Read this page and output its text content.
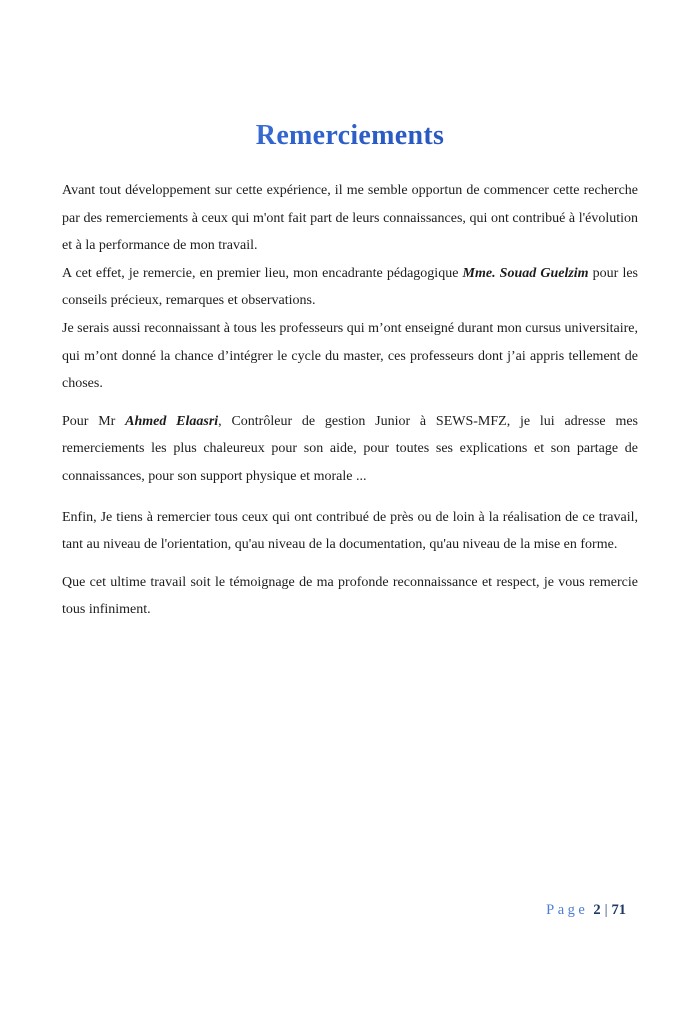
Remerciements

Avant tout développement sur cette expérience, il me semble opportun de commencer cette recherche par des remerciements à ceux qui m'ont fait part de leurs connaissances, qui ont contribué à l'évolution et à la performance de mon travail.

A cet effet, je remercie, en premier lieu, mon encadrante pédagogique Mme. Souad Guelzim pour les conseils précieux, remarques et observations.

Je serais aussi reconnaissant à tous les professeurs qui m’ont enseigné durant mon cursus universitaire, qui m’ont donné la chance d’intégrer le cycle du master, ces professeurs dont j’ai appris tellement de choses.

Pour Mr Ahmed Elaasri, Contrôleur de gestion Junior à SEWS-MFZ, je lui adresse mes remerciements les plus chaleureux pour son aide, pour toutes ses explications et son partage de connaissances, pour son support physique et morale ...

Enfin, Je tiens à remercier tous ceux qui ont contribué de près ou de loin à la réalisation de ce travail, tant au niveau de l'orientation, qu'au niveau de la documentation, qu'au niveau de la mise en forme.

Que cet ultime travail soit le témoignage de ma profonde reconnaissance et respect, je vous remercie tous infiniment.

Page 2 | 71
